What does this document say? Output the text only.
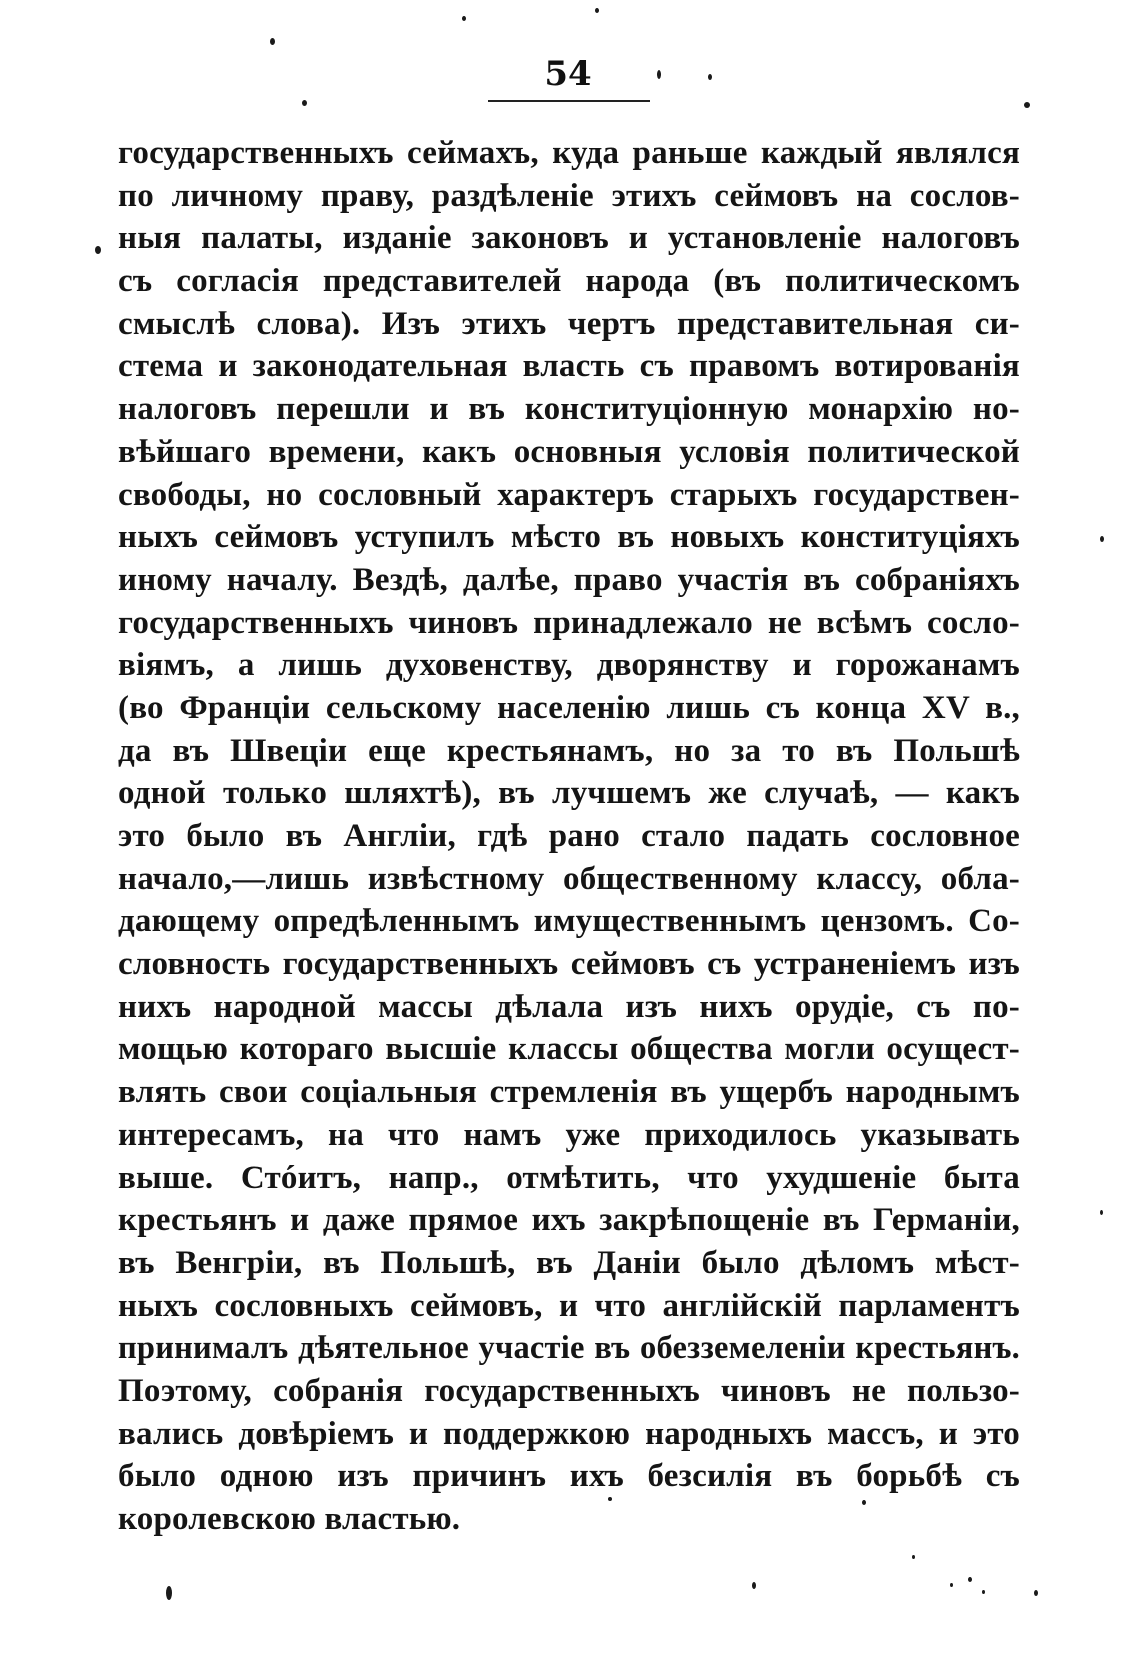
54
государственныхъ сеймахъ, куда раньше каждый являлся
по личному праву, раздѣленіе этихъ сеймовъ на сослов-
ныя палаты, изданіе законовъ и установленіе налоговъ
съ согласія представителей народа (въ политическомъ
смыслѣ слова). Изъ этихъ чертъ представительная си-
стема и законодательная власть съ правомъ вотированія
налоговъ перешли и въ конституціонную монархію но-
вѣйшаго времени, какъ основныя условія политической
свободы, но сословный характеръ старыхъ государствен-
ныхъ сеймовъ уступилъ мѣсто въ новыхъ конституціяхъ
иному началу. Вездѣ, далѣе, право участія въ собраніяхъ
государственныхъ чиновъ принадлежало не всѣмъ сосло-
віямъ, а лишь духовенству, дворянству и горожанамъ
(во Франціи сельскому населенію лишь съ конца XV в.,
да въ Швеціи еще крестьянамъ, но за то въ Польшѣ
одной только шляхтѣ), въ лучшемъ же случаѣ, — какъ
это было въ Англіи, гдѣ рано стало падать сословное
начало,—лишь извѣстному общественному классу, обла-
дающему опредѣленнымъ имущественнымъ цензомъ. Со-
словность государственныхъ сеймовъ съ устраненіемъ изъ
нихъ народной массы дѣлала изъ нихъ орудіе, съ по-
мощью котораго высшіе классы общества могли осущест-
влять свои соціальныя стремленія въ ущербъ народнымъ
интересамъ, на что намъ уже приходилось указывать
выше. Стóитъ, напр., отмѣтить, что ухудшеніе быта
крестьянъ и даже прямое ихъ закрѣпощеніе въ Германіи,
въ Венгріи, въ Польшѣ, въ Даніи было дѣломъ мѣст-
ныхъ сословныхъ сеймовъ, и что англійскій парламентъ
принималъ дѣятельное участіе въ обезземеленіи крестьянъ.
Поэтому, собранія государственныхъ чиновъ не пользо-
вались довѣріемъ и поддержкою народныхъ массъ, и это
было одною изъ причинъ ихъ безсилія въ борьбѣ съ
королевскою властью.
